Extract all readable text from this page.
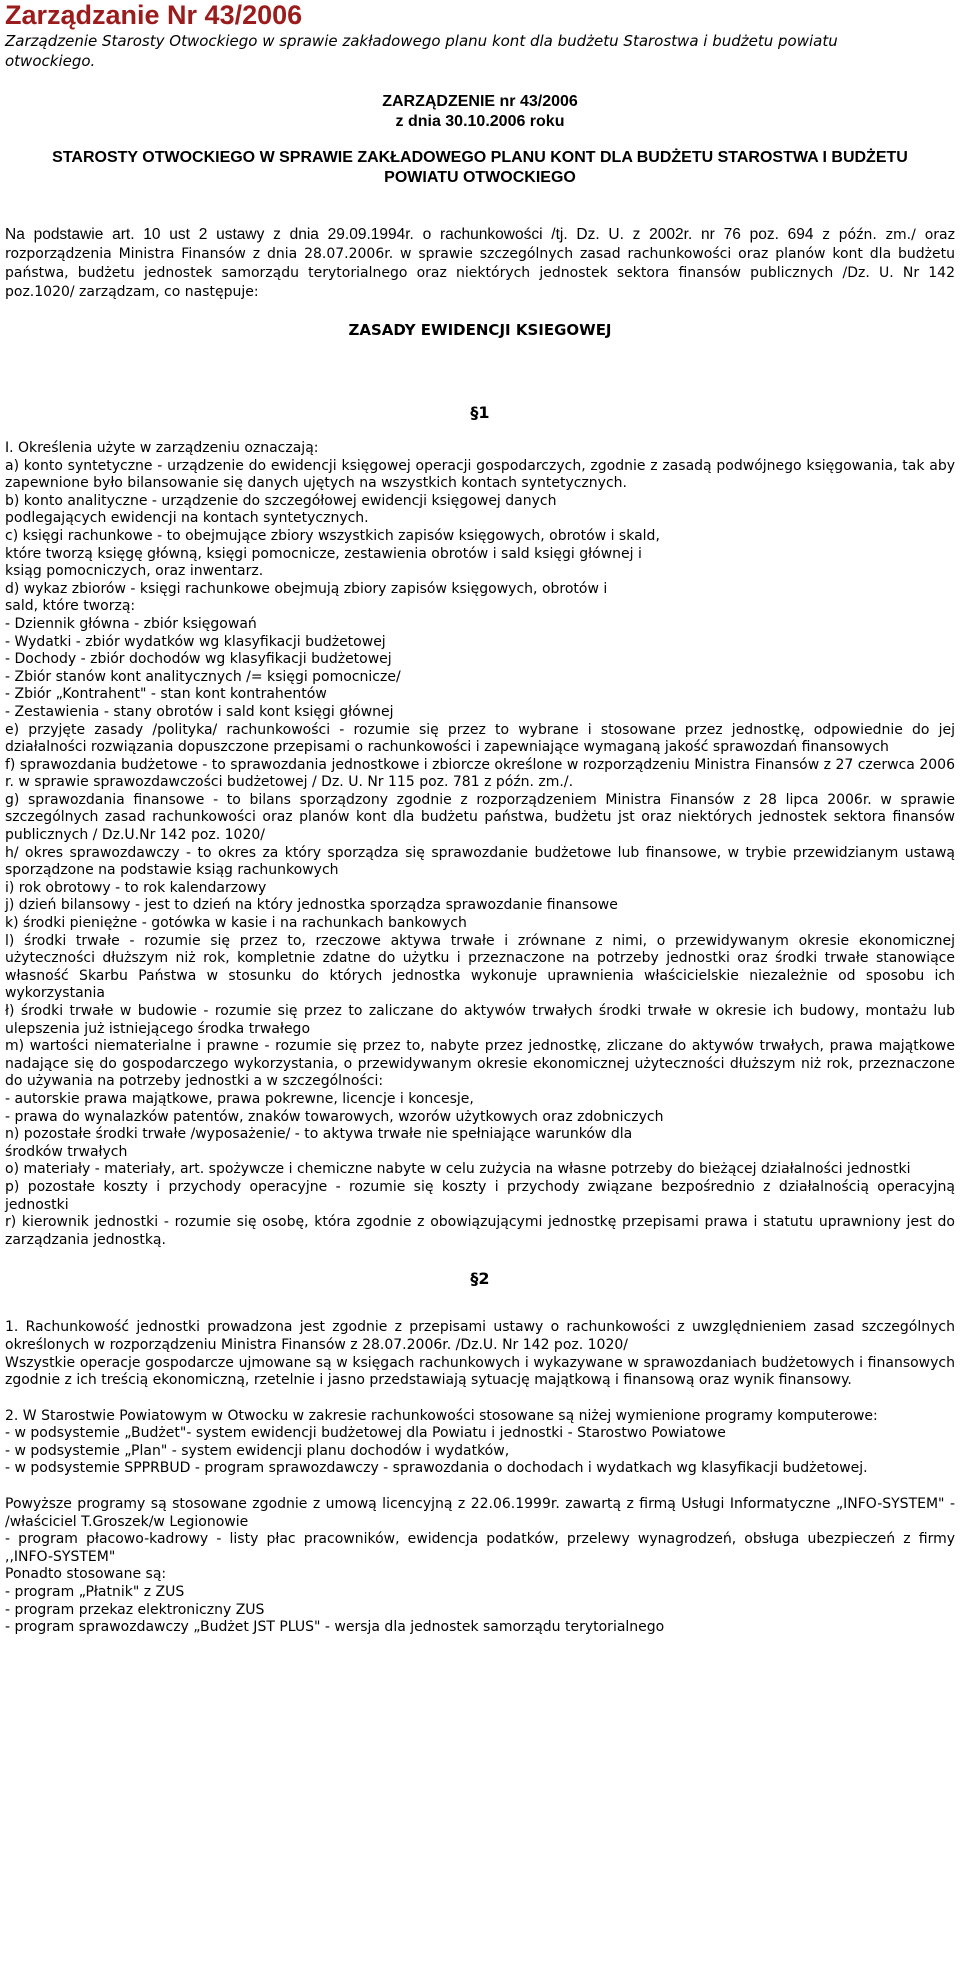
Zarządzanie Nr 43/2006
Zarządzenie Starosty Otwockiego w sprawie zakładowego planu kont dla budżetu Starostwa i budżetu powiatu otwockiego.
ZARZĄDZENIE nr 43/2006
z dnia 30.10.2006 roku
STAROSTY OTWOCKIEGO W SPRAWIE ZAKŁADOWEGO PLANU KONT DLA BUDŻETU STAROSTWA I BUDŻETU POWIATU OTWOCKIEGO
Na podstawie art. 10 ust 2 ustawy z dnia 29.09.1994r. o rachunkowości /tj. Dz. U. z 2002r. nr 76 poz. 694 z późn. zm./ oraz rozporządzenia Ministra Finansów z dnia 28.07.2006r. w sprawie szczególnych zasad rachunkowości oraz planów kont dla budżetu państwa, budżetu jednostek samorządu terytorialnego oraz niektórych jednostek sektora finansów publicznych /Dz. U. Nr 142 poz.1020/ zarządzam, co następuje:
ZASADY EWIDENCJI KSIEGOWEJ
§1

I. Określenia użyte w zarządzeniu oznaczają:

a) konto syntetyczne - urządzenie do ewidencji księgowej operacji gospodarczych, zgodnie z zasadą podwójnego księgowania, tak aby zapewnione było bilansowanie się danych ujętych na wszystkich kontach syntetycznych.

b) konto analityczne - urządzenie do szczegółowej ewidencji księgowej danych

podlegających ewidencji na kontach syntetycznych.

c) księgi rachunkowe - to obejmujące zbiory wszystkich zapisów księgowych, obrotów i skald,

które tworzą księgę główną, księgi pomocnicze, zestawienia obrotów i sald księgi głównej i

ksiąg pomocniczych, oraz inwentarz.

d) wykaz zbiorów - księgi rachunkowe obejmują zbiory zapisów księgowych, obrotów i

sald, które tworzą:

- Dziennik główna - zbiór księgowań

- Wydatki - zbiór wydatków wg klasyfikacji budżetowej

- Dochody - zbiór dochodów wg klasyfikacji budżetowej

- Zbiór stanów kont analitycznych /= księgi pomocnicze/

- Zbiór „Kontrahent" - stan kont kontrahentów

- Zestawienia - stany obrotów i sald kont księgi głównej

e) przyjęte zasady /polityka/ rachunkowości - rozumie się przez to wybrane i stosowane przez jednostkę, odpowiednie do jej działalności rozwiązania dopuszczone przepisami o rachunkowości i zapewniające wymaganą jakość sprawozdań finansowych

f) sprawozdania budżetowe - to sprawozdania jednostkowe i zbiorcze określone w rozporządzeniu Ministra Finansów z 27 czerwca 2006 r. w sprawie sprawozdawczości budżetowej / Dz. U. Nr 115 poz. 781 z późn. zm./.

g) sprawozdania finansowe - to bilans sporządzony zgodnie z rozporządzeniem Ministra Finansów z 28 lipca 2006r. w sprawie szczególnych zasad rachunkowości oraz planów kont dla budżetu państwa, budżetu jst oraz niektórych jednostek sektora finansów publicznych / Dz.U.Nr 142 poz. 1020/

h/ okres sprawozdawczy - to okres za który sporządza się sprawozdanie budżetowe lub finansowe, w trybie przewidzianym ustawą sporządzone na podstawie ksiąg rachunkowych

i) rok obrotowy - to rok kalendarzowy

j) dzień bilansowy - jest to dzień na który jednostka sporządza sprawozdanie finansowe

k) środki pieniężne - gotówka w kasie i na rachunkach bankowych

l) środki trwałe - rozumie się przez to, rzeczowe aktywa trwałe i zrównane z nimi, o przewidywanym okresie ekonomicznej użyteczności dłuższym niż rok, kompletnie zdatne do użytku i przeznaczone na potrzeby jednostki oraz środki trwałe stanowiące własność Skarbu Państwa w stosunku do których jednostka wykonuje uprawnienia właścicielskie niezależnie od sposobu ich wykorzystania

ł) środki trwałe w budowie - rozumie się przez to zaliczane do aktywów trwałych środki trwałe w okresie ich budowy, montażu lub ulepszenia już istniejącego środka trwałego

m) wartości niematerialne i prawne - rozumie się przez to, nabyte przez jednostkę, zliczane do aktywów trwałych, prawa majątkowe nadające się do gospodarczego wykorzystania, o przewidywanym okresie ekonomicznej użyteczności dłuższym niż rok, przeznaczone do używania na potrzeby jednostki a w szczególności:

- autorskie prawa majątkowe, prawa pokrewne, licencje i koncesje,

- prawa do wynalazków patentów, znaków towarowych, wzorów użytkowych oraz zdobniczych

n) pozostałe środki trwałe /wyposażenie/ - to aktywa trwałe nie spełniające warunków dla

środków trwałych

o) materiały - materiały, art. spożywcze i chemiczne nabyte w celu zużycia na własne potrzeby do bieżącej działalności jednostki

p) pozostałe koszty i przychody operacyjne - rozumie się koszty i przychody związane bezpośrednio z działalnością operacyjną jednostki

r) kierownik jednostki - rozumie się osobę, która zgodnie z obowiązującymi jednostkę przepisami prawa i statutu uprawniony jest do zarządzania jednostką.

§2

1. Rachunkowość jednostki prowadzona jest zgodnie z przepisami ustawy o rachunkowości z uwzględnieniem zasad szczególnych określonych w rozporządzeniu Ministra Finansów z 28.07.2006r. /Dz.U. Nr 142 poz. 1020/

Wszystkie operacje gospodarcze ujmowane są w księgach rachunkowych i wykazywane w sprawozdaniach budżetowych i finansowych zgodnie z ich treścią ekonomiczną, rzetelnie i jasno przedstawiają sytuację majątkową i finansową oraz wynik finansowy.

2. W Starostwie Powiatowym w Otwocku w zakresie rachunkowości stosowane są niżej wymienione programy komputerowe:

- w podsystemie „Budżet"- system ewidencji budżetowej dla Powiatu i jednostki - Starostwo Powiatowe

- w podsystemie „Plan" - system ewidencji planu dochodów i wydatków,

- w podsystemie SPPRBUD - program sprawozdawczy - sprawozdania o dochodach i wydatkach wg klasyfikacji budżetowej.

Powyższe programy są stosowane zgodnie z umową licencyjną z 22.06.1999r. zawartą z firmą Usługi Informatyczne „INFO-SYSTEM" - /właściciel T.Groszek/w Legionowie

- program płacowo-kadrowy - listy płac pracowników, ewidencja podatków, przelewy wynagrodzeń, obsługa ubezpieczeń z firmy ,,INFO-SYSTEM"

Ponadto stosowane są:

- program „Płatnik" z ZUS

- program przekaz elektroniczny ZUS

- program sprawozdawczy „Budżet JST PLUS" - wersja dla jednostek samorządu terytorialnego
